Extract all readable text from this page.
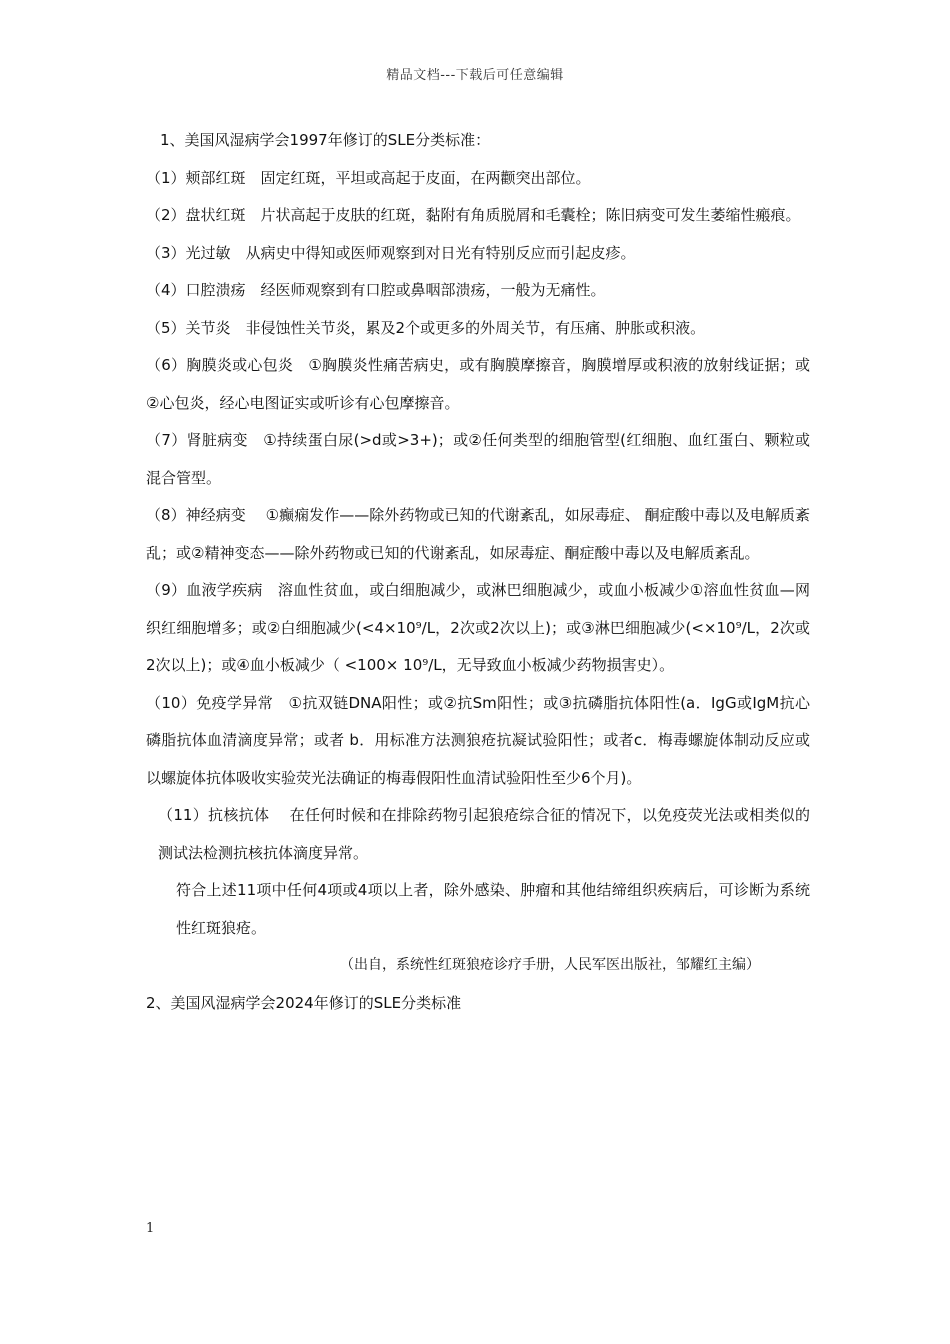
精品文档---下载后可任意编辑

1、美国风湿病学会1997年修订的SLE分类标准：

（1）颊部红斑　固定红斑，平坦或高起于皮面，在两颧突出部位。

（2）盘状红斑　片状高起于皮肤的红斑，黏附有角质脱屑和毛囊栓；陈旧病变可发生萎缩性瘢痕。

（3）光过敏　从病史中得知或医师观察到对日光有特别反应而引起皮疹。

（4）口腔溃疡　经医师观察到有口腔或鼻咽部溃疡，一般为无痛性。

（5）关节炎　非侵蚀性关节炎，累及2个或更多的外周关节，有压痛、肿胀或积液。

（6）胸膜炎或心包炎　①胸膜炎性痛苦病史，或有胸膜摩擦音，胸膜增厚或积液的放射线证据；或②心包炎，经心电图证实或听诊有心包摩擦音。

（7）肾脏病变　①持续蛋白尿(>d或>3+)；或②任何类型的细胞管型(红细胞、血红蛋白、颗粒或混合管型。

（8）神经病变　 ①癫痫发作——除外药物或已知的代谢紊乱，如尿毒症、 酮症酸中毒以及电解质紊乱；或②精神变态——除外药物或已知的代谢紊乱，如尿毒症、酮症酸中毒以及电解质紊乱。

（9）血液学疾病　溶血性贫血，或白细胞减少，或淋巴细胞减少，或血小板减少①溶血性贫血—网织红细胞增多；或②白细胞减少(<4×10⁹/L，2次或2次以上)；或③淋巴细胞减少(<×10⁹/L，2次或2次以上)；或④血小板减少（ <100× 10⁹/L，无导致血小板减少药物损害史）。

（10）免疫学异常　①抗双链DNA阳性；或②抗Sm阳性；或③抗磷脂抗体阳性(a．IgG或IgM抗心磷脂抗体血清滴度异常；或者 b．用标准方法测狼疮抗凝试验阳性；或者c．梅毒螺旋体制动反应或以螺旋体抗体吸收实验荧光法确证的梅毒假阳性血清试验阳性至少6个月)。

（11）抗核抗体　 在任何时候和在排除药物引起狼疮综合征的情况下，以免疫荧光法或相类似的测试法检测抗核抗体滴度异常。

符合上述11项中任何4项或4项以上者，除外感染、肿瘤和其他结缔组织疾病后，可诊断为系统性红斑狼疮。

（出自，系统性红斑狼疮诊疗手册，人民军医出版社，邹耀红主编）

2、美国风湿病学会2024年修订的SLE分类标准

1
